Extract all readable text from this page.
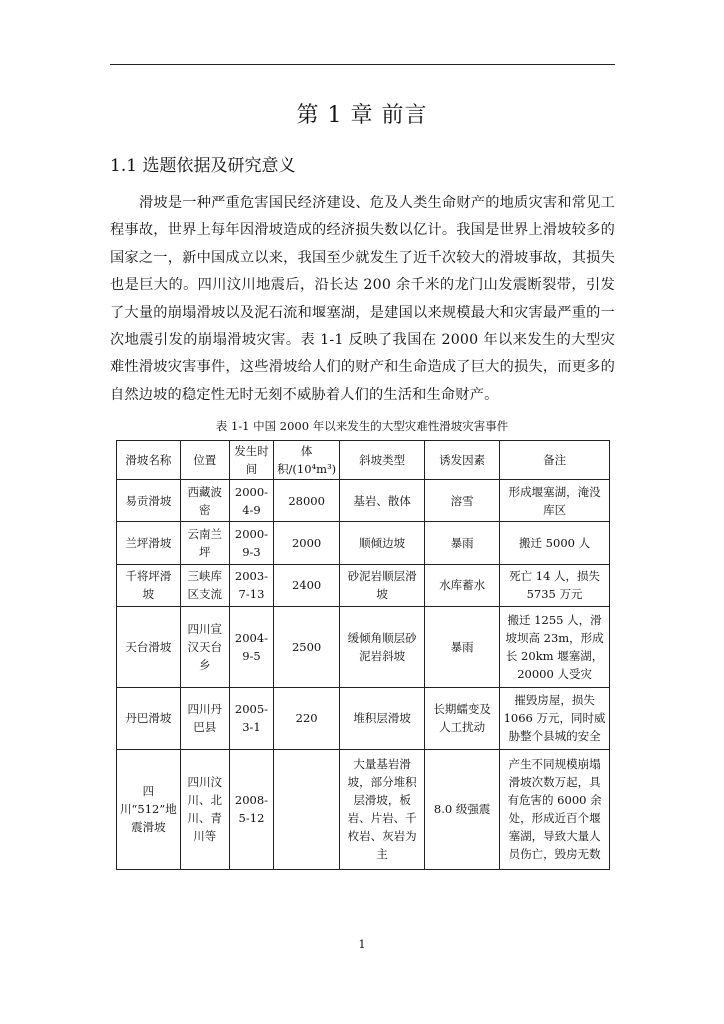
第 1 章 前言
1.1 选题依据及研究意义

滑坡是一种严重危害国民经济建设、危及人类生命财产的地质灾害和常见工程事故，世界上每年因滑坡造成的经济损失数以亿计。我国是世界上滑坡较多的国家之一，新中国成立以来，我国至少就发生了近千次较大的滑坡事故，其损失也是巨大的。四川汶川地震后，沿长达 200 余千米的龙门山发震断裂带，引发了大量的崩塌滑坡以及泥石流和堰塞湖，是建国以来规模最大和灾害最严重的一次地震引发的崩塌滑坡灾害。表 1-1 反映了我国在 2000 年以来发生的大型灾难性滑坡灾害事件，这些滑坡给人们的财产和生命造成了巨大的损失，而更多的自然边坡的稳定性无时无刻不威胁着人们的生活和生命财产。

表 1-1 中国 2000 年以来发生的大型灾难性滑坡灾害事件
滑坡名称	位置	发生时间	体积/(10⁴m³)	斜坡类型	诱发因素	备注
易贡滑坡	西藏波密	2000-4-9	28000	基岩、散体	溶雪	形成堰塞湖，淹没库区
兰坪滑坡	云南兰坪	2000-9-3	2000	顺倾边坡	暴雨	搬迁 5000 人
千将坪滑坡	三峡库区支流	2003-7-13	2400	砂泥岩顺层滑坡	水库蓄水	死亡 14 人，损失 5735 万元
天台滑坡	四川宣汉天台乡	2004-9-5	2500	缓倾角顺层砂泥岩斜坡	暴雨	搬迁 1255 人，滑坡坝高 23m，形成长 20km 堰塞湖，20000 人受灾
丹巴滑坡	四川丹巴县	2005-3-1	220	堆积层滑坡	长期蠕变及人工扰动	摧毁房屋，损失 1066 万元，同时威胁整个县城的安全
四川“512”地震滑坡	四川汶川、北川、青川等	2008-5-12		大量基岩滑坡，部分堆积层滑坡，板岩、片岩、千枚岩、灰岩为主	8.0 级强震	产生不同规模崩塌滑坡次数万起，具有危害的 6000 余处，形成近百个堰塞湖，导致大量人员伤亡，毁房无数
1
